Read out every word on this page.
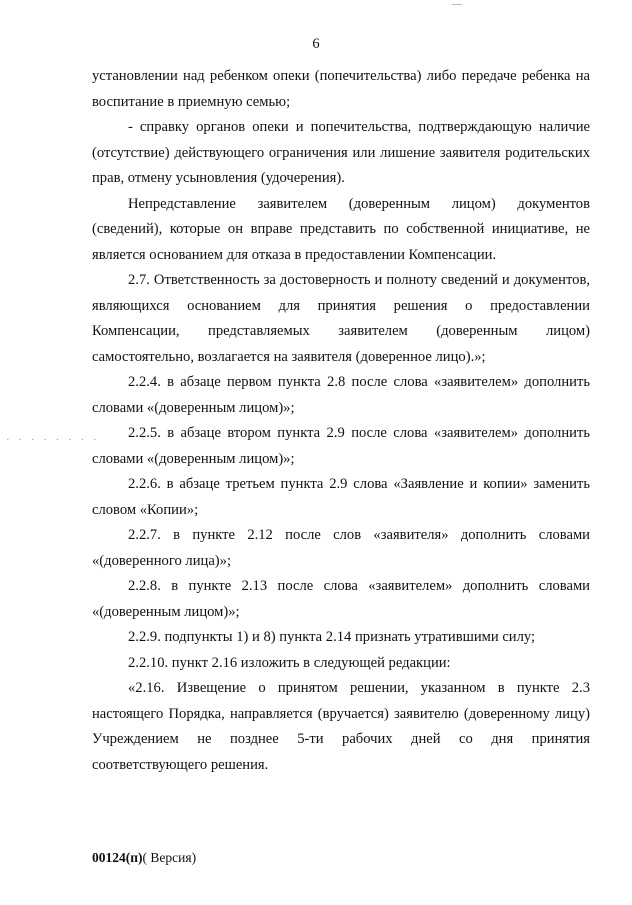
6
· · · · · · · ·

установлении над ребенком опеки (попечительства) либо передаче ребенка на воспитание в приемную семью;

- справку органов опеки и попечительства, подтверждающую наличие (отсутствие) действующего ограничения или лишение заявителя родительских прав, отмену усыновления (удочерения).

Непредставление заявителем (доверенным лицом) документов (сведений), которые он вправе представить по собственной инициативе, не является основанием для отказа в предоставлении Компенсации.

2.7. Ответственность за достоверность и полноту сведений и документов, являющихся основанием для принятия решения о предоставлении Компенсации, представляемых заявителем (доверенным лицом) самостоятельно, возлагается на заявителя (доверенное лицо).»;

2.2.4. в абзаце первом пункта 2.8 после слова «заявителем» дополнить словами «(доверенным лицом)»;

2.2.5. в абзаце втором пункта 2.9 после слова «заявителем» дополнить словами «(доверенным лицом)»;

2.2.6. в абзаце третьем пункта 2.9 слова «Заявление и копии» заменить словом «Копии»;

2.2.7. в пункте 2.12 после слов «заявителя» дополнить словами «(доверенного лица)»;

2.2.8. в пункте 2.13 после слова «заявителем» дополнить словами «(доверенным лицом)»;

2.2.9. подпункты 1) и 8) пункта 2.14 признать утратившими силу;

2.2.10. пункт 2.16 изложить в следующей редакции:

«2.16. Извещение о принятом решении, указанном в пункте 2.3 настоящего Порядка, направляется (вручается) заявителю (доверенному лицу) Учреждением не позднее 5-ти рабочих дней со дня принятия соответствующего решения.

00124(п)( Версия)
